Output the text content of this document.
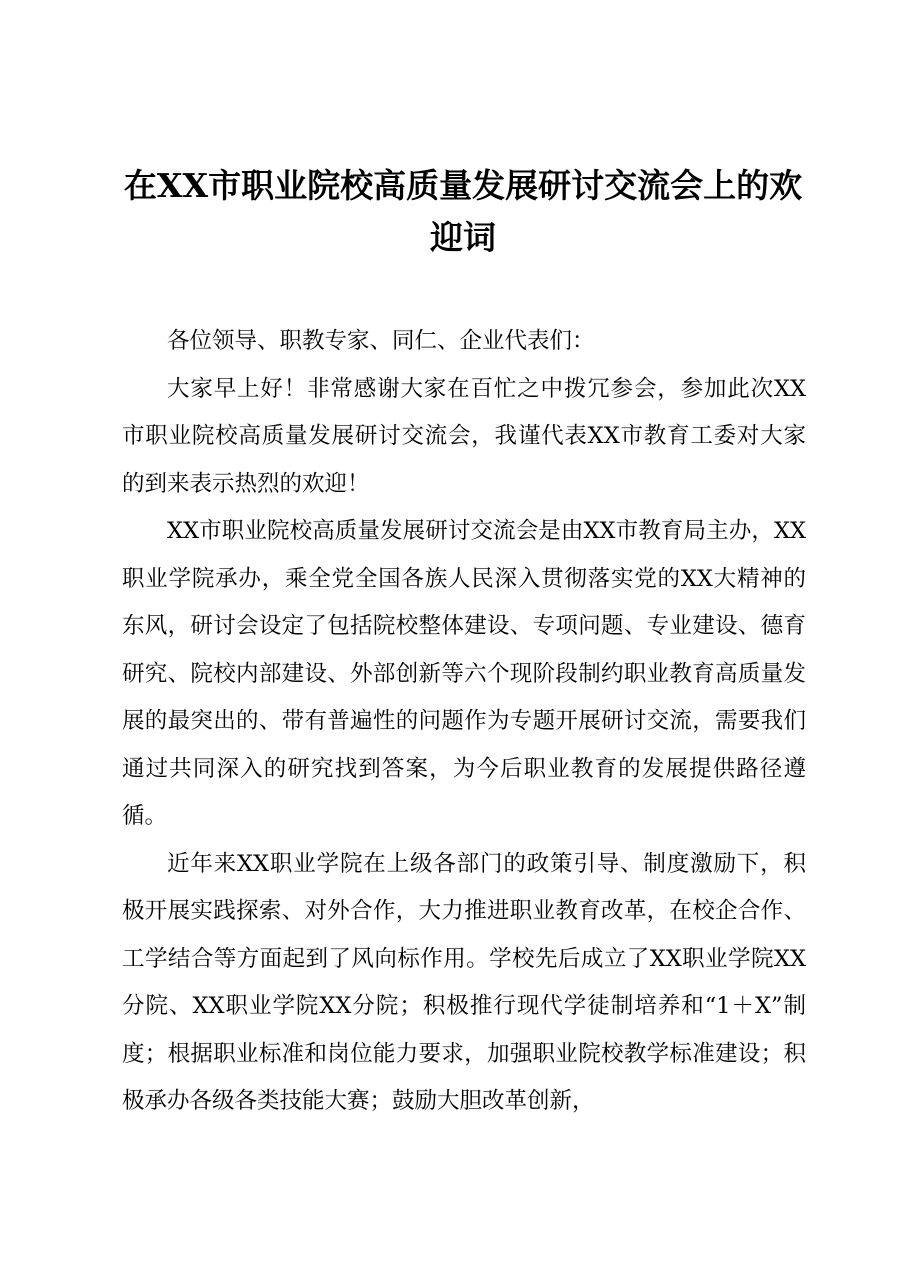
在XX市职业院校高质量发展研讨交流会上的欢迎词

各位领导、职教专家、同仁、企业代表们：

大家早上好！非常感谢大家在百忙之中拨冗参会，参加此次XX市职业院校高质量发展研讨交流会，我谨代表XX市教育工委对大家的到来表示热烈的欢迎！

XX市职业院校高质量发展研讨交流会是由XX市教育局主办，XX职业学院承办，乘全党全国各族人民深入贯彻落实党的XX大精神的东风，研讨会设定了包括院校整体建设、专项问题、专业建设、德育研究、院校内部建设、外部创新等六个现阶段制约职业教育高质量发展的最突出的、带有普遍性的问题作为专题开展研讨交流，需要我们通过共同深入的研究找到答案，为今后职业教育的发展提供路径遵循。

近年来XX职业学院在上级各部门的政策引导、制度激励下，积极开展实践探索、对外合作，大力推进职业教育改革，在校企合作、工学结合等方面起到了风向标作用。学校先后成立了XX职业学院XX分院、XX职业学院XX分院；积极推行现代学徒制培养和“1＋X”制度；根据职业标准和岗位能力要求，加强职业院校教学标准建设；积极承办各级各类技能大赛；鼓励大胆改革创新，
